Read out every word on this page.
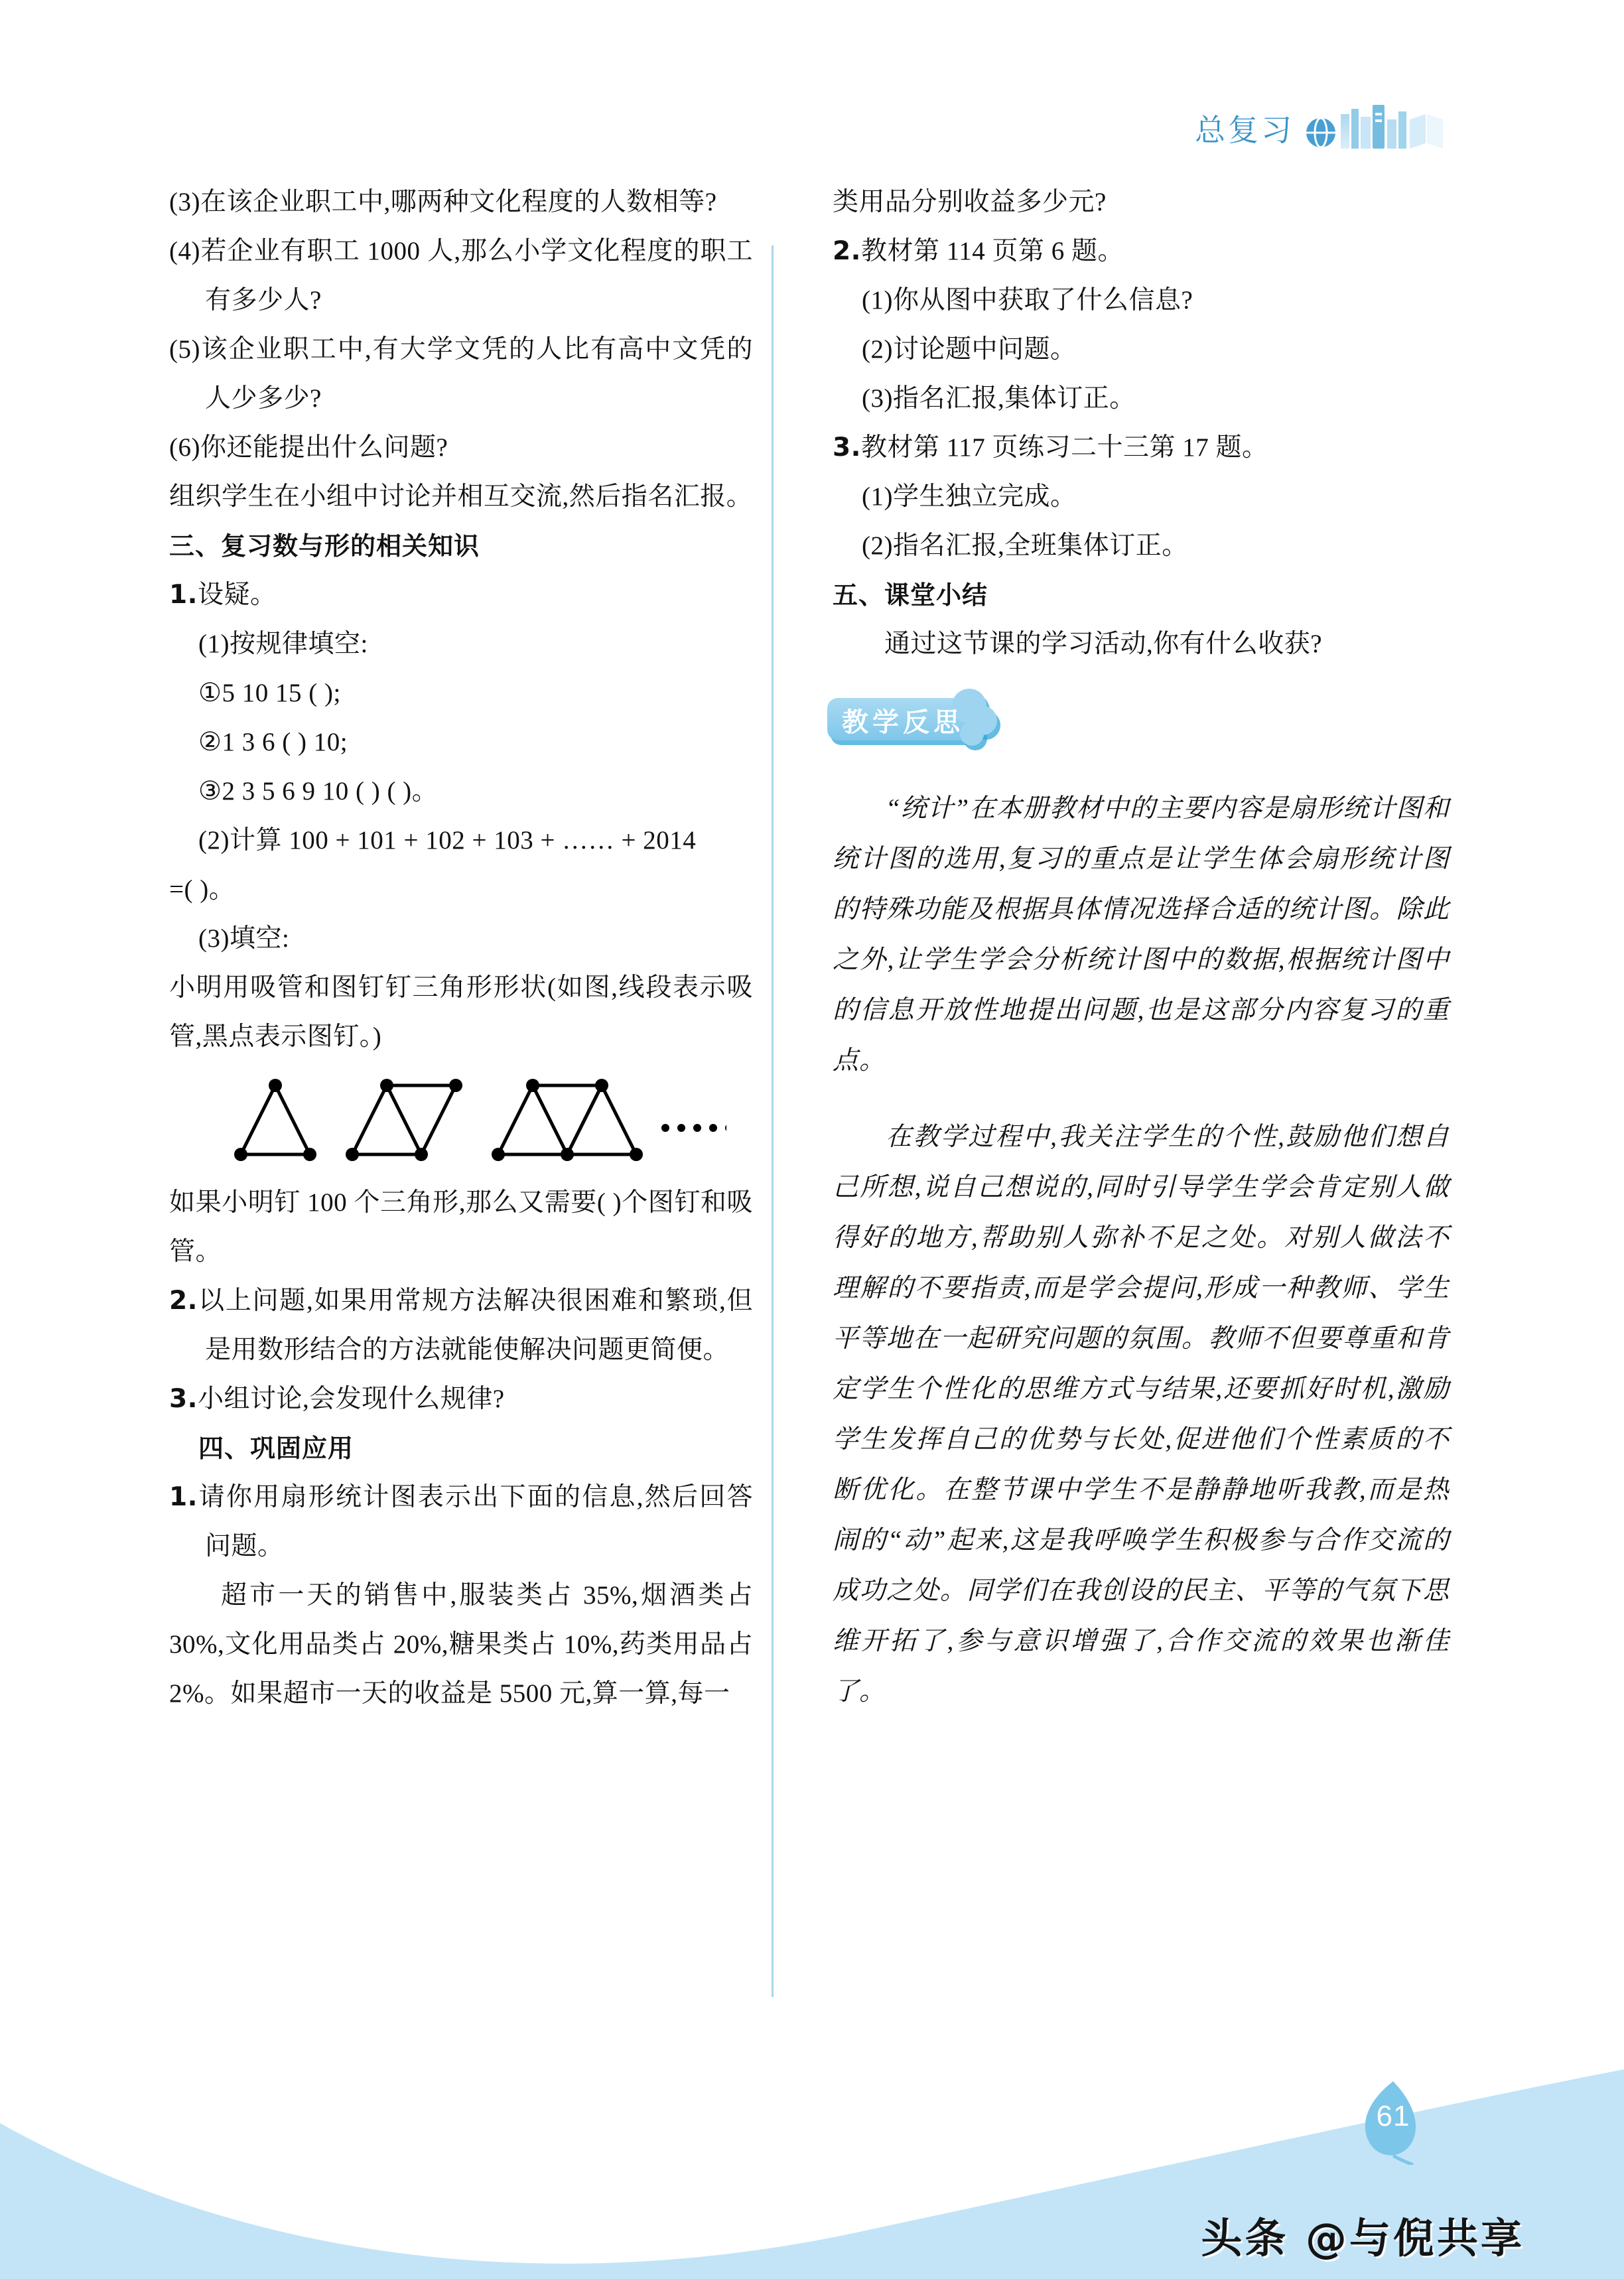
总复习

(3)在该企业职工中,哪两种文化程度的人数相等?

(4)若企业有职工 1000 人,那么小学文化程度的职工有多少人?

(5)该企业职工中,有大学文凭的人比有高中文凭的人少多少?

(6)你还能提出什么问题?

组织学生在小组中讨论并相互交流,然后指名汇报。

三、复习数与形的相关知识

1.设疑。

(1)按规律填空:

①5 10 15 ( );

②1 3 6 ( ) 10;

③2 3 5 6 9 10 ( ) ( )。

(2)计算 100 + 101 + 102 + 103 + …… + 2014

=( )。

(3)填空:

小明用吸管和图钉钉三角形形状(如图,线段表示吸管,黑点表示图钉。)

如果小明钉 100 个三角形,那么又需要( )个图钉和吸管。

2.以上问题,如果用常规方法解决很困难和繁琐,但是用数形结合的方法就能使解决问题更简便。

3.小组讨论,会发现什么规律?

四、巩固应用

1.请你用扇形统计图表示出下面的信息,然后回答问题。

超市一天的销售中,服装类占 35%,烟酒类占 30%,文化用品类占 20%,糖果类占 10%,药类用品占 2%。如果超市一天的收益是 5500 元,算一算,每一

类用品分别收益多少元?

2.教材第 114 页第 6 题。

(1)你从图中获取了什么信息?

(2)讨论题中问题。

(3)指名汇报,集体订正。

3.教材第 117 页练习二十三第 17 题。

(1)学生独立完成。

(2)指名汇报,全班集体订正。

五、课堂小结

通过这节课的学习活动,你有什么收获?

教学反思

“统计”在本册教材中的主要内容是扇形统计图和统计图的选用,复习的重点是让学生体会扇形统计图的特殊功能及根据具体情况选择合适的统计图。除此之外,让学生学会分析统计图中的数据,根据统计图中的信息开放性地提出问题,也是这部分内容复习的重点。

在教学过程中,我关注学生的个性,鼓励他们想自己所想,说自己想说的,同时引导学生学会肯定别人做得好的地方,帮助别人弥补不足之处。对别人做法不理解的不要指责,而是学会提问,形成一种教师、学生平等地在一起研究问题的氛围。教师不但要尊重和肯定学生个性化的思维方式与结果,还要抓好时机,激励学生发挥自己的优势与长处,促进他们个性素质的不断优化。在整节课中学生不是静静地听我教,而是热闹的“动”起来,这是我呼唤学生积极参与合作交流的成功之处。同学们在我创设的民主、平等的气氛下思维开拓了,参与意识增强了,合作交流的效果也渐佳了。

61
头条 @与倪共享
